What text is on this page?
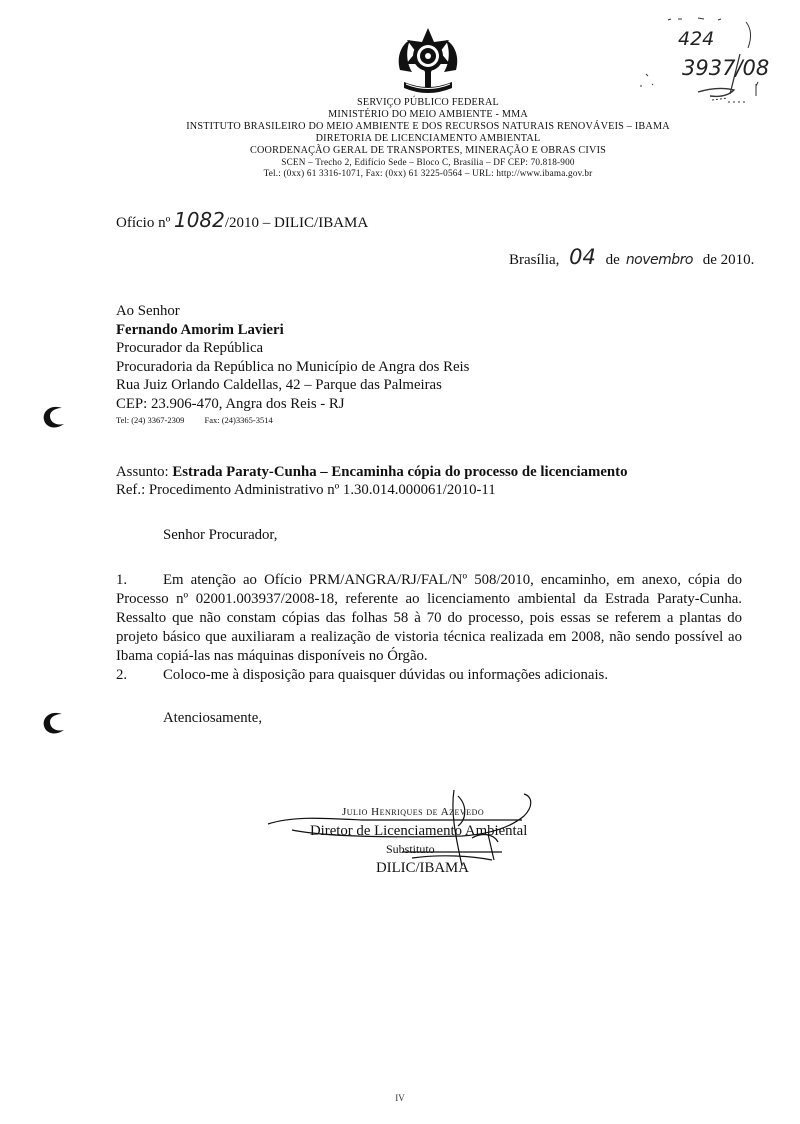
424
3937/08
SERVIÇO PÚBLICO FEDERAL
MINISTÉRIO DO MEIO AMBIENTE - MMA
INSTITUTO BRASILEIRO DO MEIO AMBIENTE E DOS RECURSOS NATURAIS RENOVÁVEIS – IBAMA
DIRETORIA DE LICENCIAMENTO AMBIENTAL
COORDENAÇÃO GERAL DE TRANSPORTES, MINERAÇÃO E OBRAS CIVIS
SCEN – Trecho 2, Edifício Sede – Bloco C, Brasília – DF CEP: 70.818-900
Tel.: (0xx) 61 3316-1071, Fax: (0xx) 61 3225-0564 – URL: http://www.ibama.gov.br
Ofício nº 1082/2010 – DILIC/IBAMA
Brasília, 04 de novembro de 2010.
Ao Senhor
Fernando Amorim Lavieri
Procurador da República
Procuradoria da República no Município de Angra dos Reis
Rua Juiz Orlando Caldellas, 42 – Parque das Palmeiras
CEP: 23.906-470, Angra dos Reis - RJ
Tel: (24) 3367-2309 Fax: (24)3365-3514
Assunto: Estrada Paraty-Cunha – Encaminha cópia do processo de licenciamento
Ref.: Procedimento Administrativo nº 1.30.014.000061/2010-11
Senhor Procurador,
1.	Em atenção ao Ofício PRM/ANGRA/RJ/FAL/Nº 508/2010, encaminho, em anexo, cópia do Processo nº 02001.003937/2008-18, referente ao licenciamento ambiental da Estrada Paraty-Cunha. Ressalto que não constam cópias das folhas 58 à 70 do processo, pois essas se referem a plantas do projeto básico que auxiliaram a realização de vistoria técnica realizada em 2008, não sendo possível ao Ibama copiá-las nas máquinas disponíveis no Órgão.
2.	Coloco-me à disposição para quaisquer dúvidas ou informações adicionais.
Atenciosamente,
Julio Henriques de Azevedo
Diretor de Licenciamento Ambiental
Substituto
DILIC/IBAMA
IV
